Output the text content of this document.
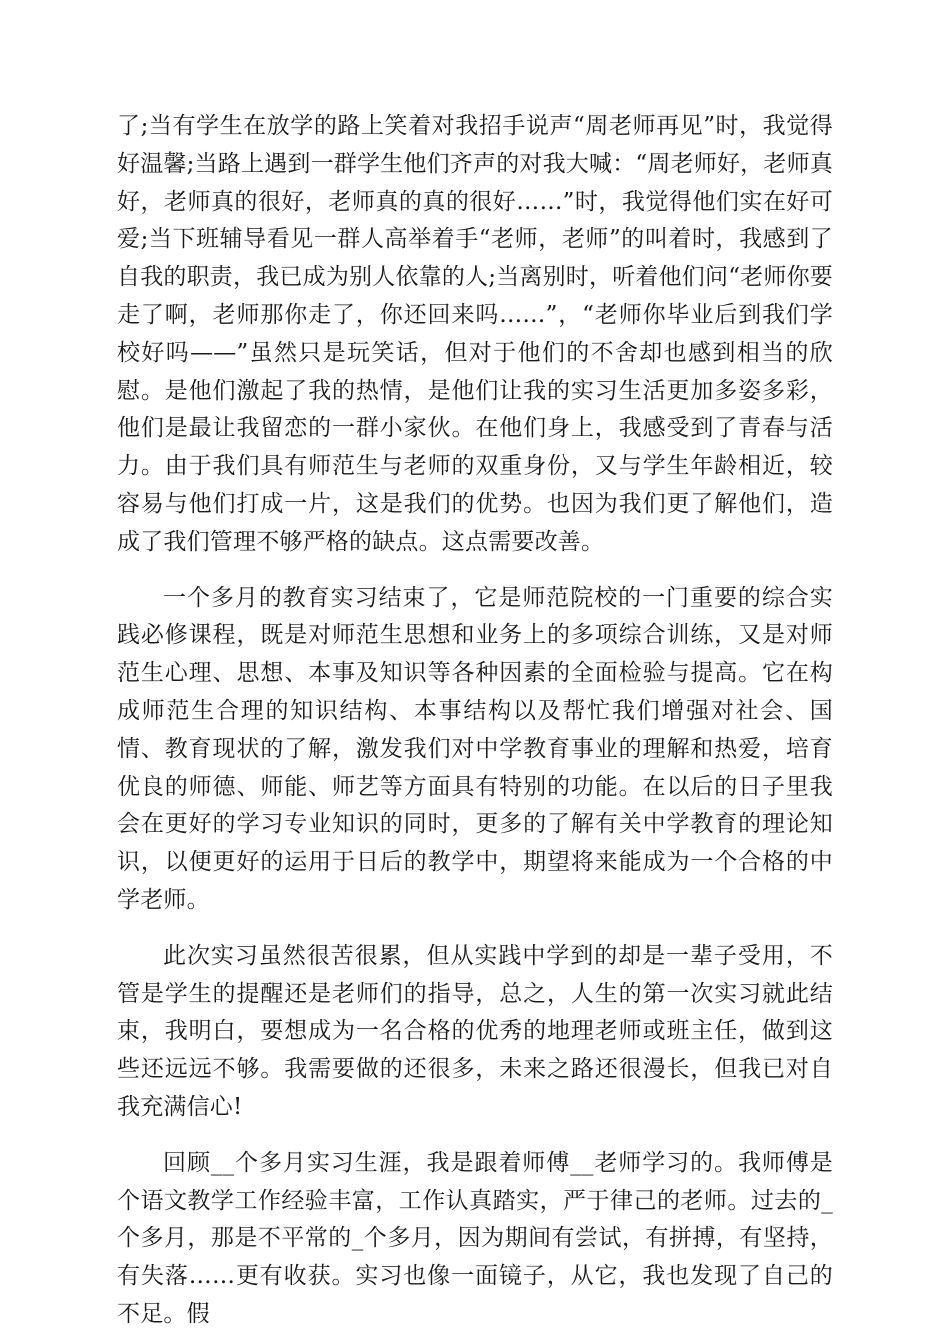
了;当有学生在放学的路上笑着对我招手说声“周老师再见”时，我觉得好温馨;当路上遇到一群学生他们齐声的对我大喊：“周老师好，老师真好，老师真的很好，老师真的真的很好……”时，我觉得他们实在好可爱;当下班辅导看见一群人高举着手“老师，老师”的叫着时，我感到了自我的职责，我已成为别人依靠的人;当离别时，听着他们问“老师你要走了啊，老师那你走了，你还回来吗……”，“老师你毕业后到我们学校好吗——”虽然只是玩笑话，但对于他们的不舍却也感到相当的欣慰。是他们激起了我的热情，是他们让我的实习生活更加多姿多彩，他们是最让我留恋的一群小家伙。在他们身上，我感受到了青春与活力。由于我们具有师范生与老师的双重身份，又与学生年龄相近，较容易与他们打成一片，这是我们的优势。也因为我们更了解他们，造成了我们管理不够严格的缺点。这点需要改善。

一个多月的教育实习结束了，它是师范院校的一门重要的综合实践必修课程，既是对师范生思想和业务上的多项综合训练，又是对师范生心理、思想、本事及知识等各种因素的全面检验与提高。它在构成师范生合理的知识结构、本事结构以及帮忙我们增强对社会、国情、教育现状的了解，激发我们对中学教育事业的理解和热爱，培育优良的师德、师能、师艺等方面具有特别的功能。在以后的日子里我会在更好的学习专业知识的同时，更多的了解有关中学教育的理论知识，以便更好的运用于日后的教学中，期望将来能成为一个合格的中学老师。

此次实习虽然很苦很累，但从实践中学到的却是一辈子受用，不管是学生的提醒还是老师们的指导，总之，人生的第一次实习就此结束，我明白，要想成为一名合格的优秀的地理老师或班主任，做到这些还远远不够。我需要做的还很多，未来之路还很漫长，但我已对自我充满信心!

回顾__个多月实习生涯，我是跟着师傅__老师学习的。我师傅是个语文教学工作经验丰富，工作认真踏实，严于律己的老师。过去的_个多月，那是不平常的_个多月，因为期间有尝试，有拼搏，有坚持，有失落……更有收获。实习也像一面镜子，从它，我也发现了自己的不足。假
